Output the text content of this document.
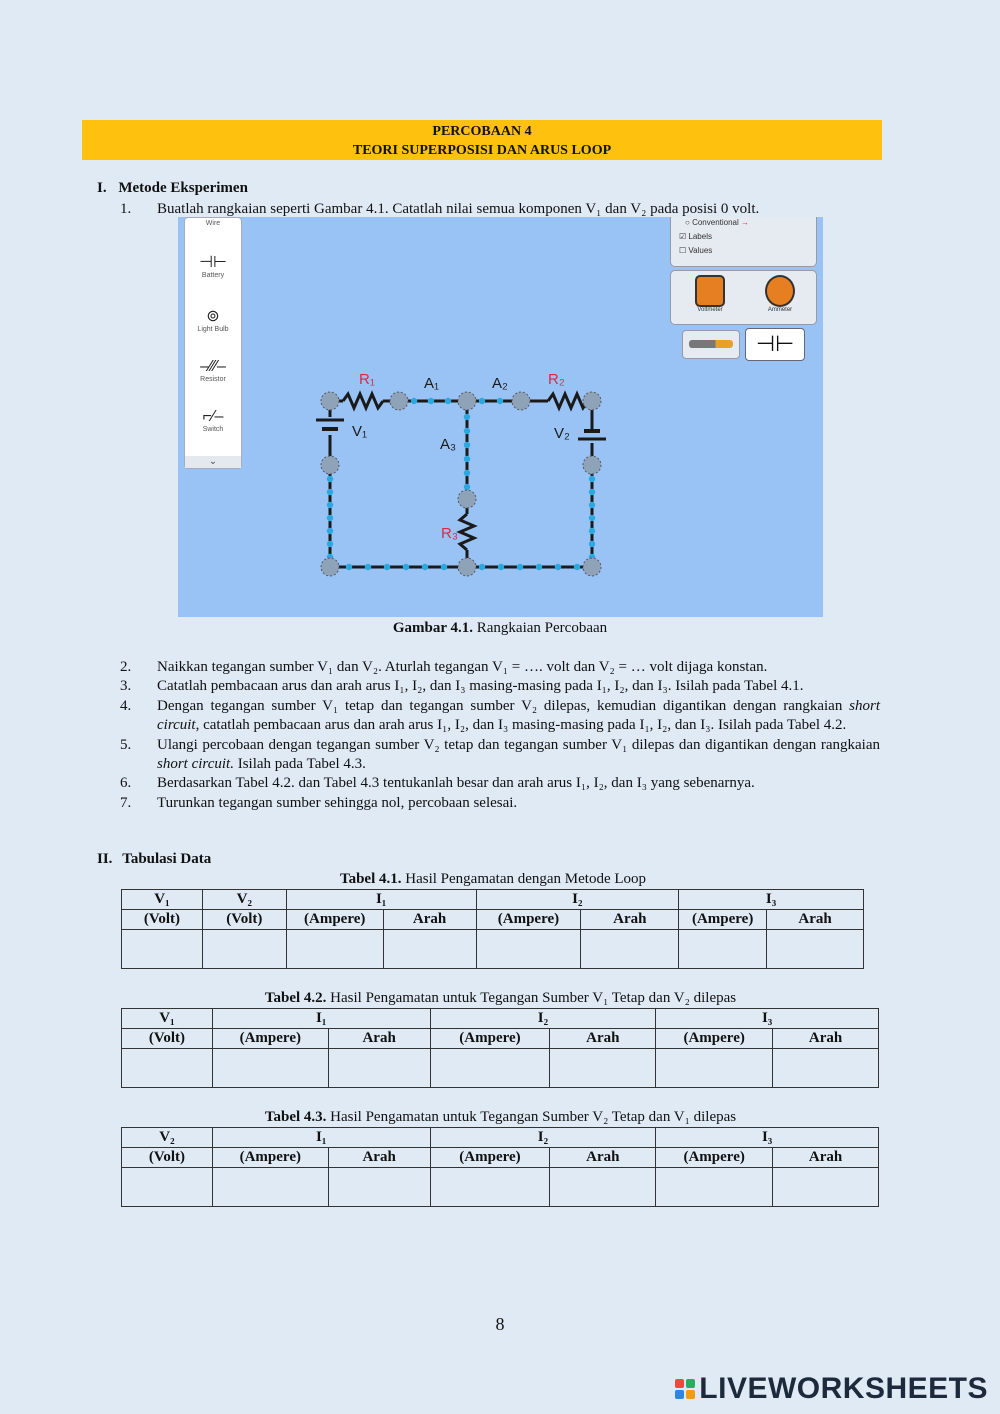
PERCOBAAN 4
TEORI SUPERPOSISI DAN ARUS LOOP
I. Metode Eksperimen
1.	Buatlah rangkaian seperti Gambar 4.1. Catatlah nilai semua komponen V₁ dan V₂ pada posisi 0 volt.
Wire
⊣⊢
Battery
⊚
Light Bulb
–⁄⁄⁄–
Resistor
⌐⁄–
Switch
⌄
○ Conventional →
☑ Labels
☐ Values
Voltmeter	Ammeter
⊣⊢
R₁	R₂
R₃
A₁	A₂
A₃
V₁	V₂
Gambar 4.1. Rangkaian Percobaan
2.	Naikkan tegangan sumber V₁ dan V₂. Aturlah tegangan V₁ = …. volt dan V₂ = … volt dijaga konstan.
3.	Catatlah pembacaan arus dan arah arus I₁, I₂, dan I₃ masing-masing pada I₁, I₂, dan I₃. Isilah pada Tabel 4.1.
4.	Dengan tegangan sumber V₁ tetap dan tegangan sumber V₂ dilepas, kemudian digantikan dengan rangkaian short circuit, catatlah pembacaan arus dan arah arus I₁, I₂, dan I₃ masing-masing pada I₁, I₂, dan I₃. Isilah pada Tabel 4.2.
5.	Ulangi percobaan dengan tegangan sumber V₂ tetap dan tegangan sumber V₁ dilepas dan digantikan dengan rangkaian short circuit. Isilah pada Tabel 4.3.
6.	Berdasarkan Tabel 4.2. dan Tabel 4.3 tentukanlah besar dan arah arus I₁, I₂, dan I₃ yang sebenarnya.
7.	Turunkan tegangan sumber sehingga nol, percobaan selesai.
II. Tabulasi Data
Tabel 4.1. Hasil Pengamatan dengan Metode Loop
V₁	V₂	I₁		I₂		I₃	
(Volt)	(Volt)	(Ampere)	Arah	(Ampere)	Arah	(Ampere)	Arah

Tabel 4.2. Hasil Pengamatan untuk Tegangan Sumber V₁ Tetap dan V₂ dilepas
V₁	I₁		I₂		I₃	
(Volt)	(Ampere)	Arah	(Ampere)	Arah	(Ampere)	Arah

Tabel 4.3. Hasil Pengamatan untuk Tegangan Sumber V₂ Tetap dan V₁ dilepas
V₂	I₁		I₂		I₃	
(Volt)	(Ampere)	Arah	(Ampere)	Arah	(Ampere)	Arah

8
LIVEWORKSHEETS
